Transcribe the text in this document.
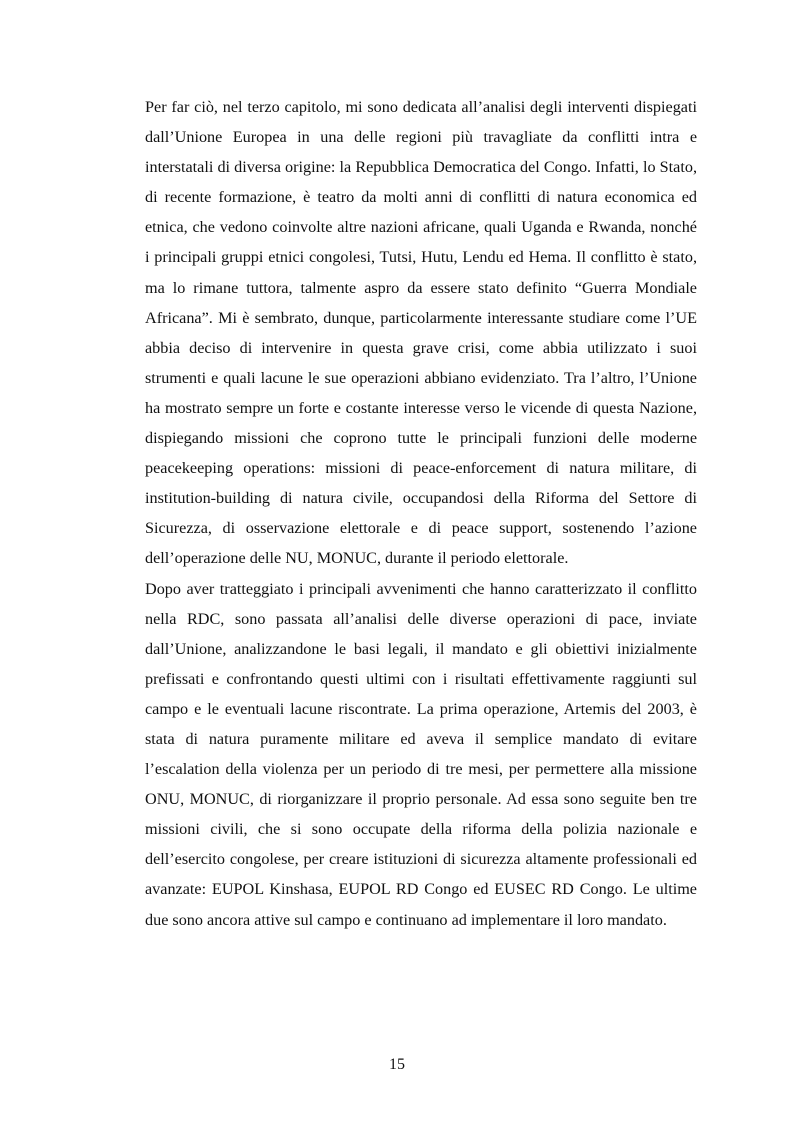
Per far ciò, nel terzo capitolo, mi sono dedicata all’analisi degli interventi dispiegati dall’Unione Europea in una delle regioni più travagliate da conflitti intra e interstatali di diversa origine: la Repubblica Democratica del Congo. Infatti, lo Stato, di recente formazione, è teatro da molti anni di conflitti di natura economica ed etnica, che vedono coinvolte altre nazioni africane, quali Uganda e Rwanda, nonché i principali gruppi etnici congolesi, Tutsi, Hutu, Lendu ed Hema. Il conflitto è stato, ma lo rimane tuttora, talmente aspro da essere stato definito “Guerra Mondiale Africana”. Mi è sembrato, dunque, particolarmente interessante studiare come l’UE abbia deciso di intervenire in questa grave crisi, come abbia utilizzato i suoi strumenti e quali lacune le sue operazioni abbiano evidenziato. Tra l’altro, l’Unione ha mostrato sempre un forte e costante interesse verso le vicende di questa Nazione, dispiegando missioni che coprono tutte le principali funzioni delle moderne peacekeeping operations: missioni di peace-enforcement di natura militare, di institution-building di natura civile, occupandosi della Riforma del Settore di Sicurezza, di osservazione elettorale e di peace support, sostenendo l’azione dell’operazione delle NU, MONUC, durante il periodo elettorale.

Dopo aver tratteggiato i principali avvenimenti che hanno caratterizzato il conflitto nella RDC, sono passata all’analisi delle diverse operazioni di pace, inviate dall’Unione, analizzandone le basi legali, il mandato e gli obiettivi inizialmente prefissati e confrontando questi ultimi con i risultati effettivamente raggiunti sul campo e le eventuali lacune riscontrate. La prima operazione, Artemis del 2003, è stata di natura puramente militare ed aveva il semplice mandato di evitare l’escalation della violenza per un periodo di tre mesi, per permettere alla missione ONU, MONUC, di riorganizzare il proprio personale. Ad essa sono seguite ben tre missioni civili, che si sono occupate della riforma della polizia nazionale e dell’esercito congolese, per creare istituzioni di sicurezza altamente professionali ed avanzate: EUPOL Kinshasa, EUPOL RD Congo ed EUSEC RD Congo. Le ultime due sono ancora attive sul campo e continuano ad implementare il loro mandato.

15
